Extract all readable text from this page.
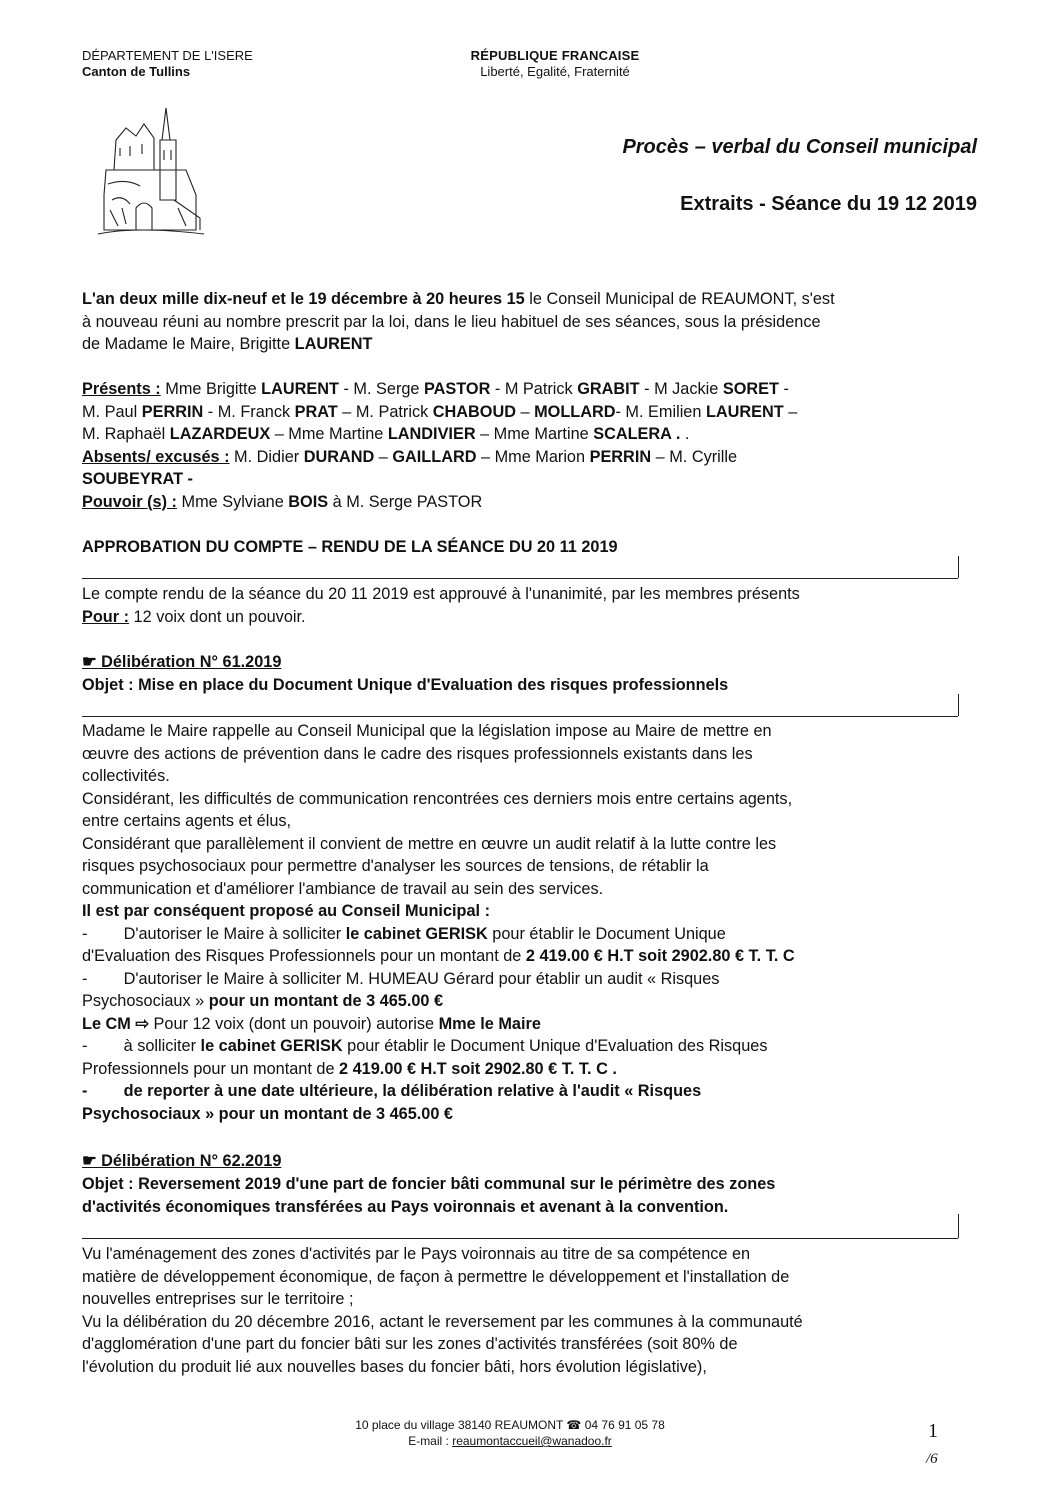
DÉPARTEMENT DE L'ISERE
Canton de Tullins
RÉPUBLIQUE FRANCAISE
Liberté, Egalité, Fraternité
Procès – verbal du Conseil municipal
Extraits - Séance du 19 12 2019
L'an deux mille dix-neuf et le 19 décembre à 20 heures 15 le Conseil Municipal de REAUMONT, s'est
à nouveau réuni au nombre prescrit par la loi, dans le lieu habituel de ses séances, sous la présidence
de Madame le Maire, Brigitte LAURENT
Présents : Mme Brigitte LAURENT - M. Serge PASTOR - M Patrick GRABIT - M Jackie SORET -
M. Paul PERRIN - M. Franck PRAT – M. Patrick CHABOUD – MOLLARD- M. Emilien LAURENT –
M. Raphaël LAZARDEUX – Mme Martine LANDIVIER – Mme Martine SCALERA . .
Absents/ excusés : M. Didier DURAND – GAILLARD – Mme Marion PERRIN – M. Cyrille
SOUBEYRAT -
Pouvoir (s) : Mme Sylviane BOIS à M. Serge PASTOR
APPROBATION DU COMPTE – RENDU DE LA SÉANCE DU 20 11 2019
Le compte rendu de la séance du 20 11 2019 est approuvé à l'unanimité, par les membres présents
Pour : 12 voix dont un pouvoir.
☛ Délibération N° 61.2019
Objet : Mise en place du Document Unique d'Evaluation des risques professionnels
Madame le Maire rappelle au Conseil Municipal que la législation impose au Maire de mettre en
œuvre des actions de prévention dans le cadre des risques professionnels existants dans les
collectivités.
Considérant, les difficultés de communication rencontrées ces derniers mois entre certains agents,
entre certains agents et élus,
Considérant que parallèlement il convient de mettre en œuvre un audit relatif à la lutte contre les
risques psychosociaux pour permettre d'analyser les sources de tensions, de rétablir la
communication et d'améliorer l'ambiance de travail au sein des services.
Il est par conséquent proposé au Conseil Municipal :
-        D'autoriser le Maire à solliciter le cabinet GERISK pour établir le Document Unique
d'Evaluation des Risques Professionnels pour un montant de 2 419.00 € H.T soit 2902.80 € T. T. C
-        D'autoriser le Maire à solliciter M. HUMEAU Gérard pour établir un audit « Risques
Psychosociaux » pour un montant de 3 465.00 €
Le CM ⇨ Pour 12 voix (dont un pouvoir) autorise Mme le Maire
-        à solliciter le cabinet GERISK pour établir le Document Unique d'Evaluation des Risques
Professionnels pour un montant de 2 419.00 € H.T soit 2902.80 € T. T. C .
-        de reporter à une date ultérieure, la délibération relative à l'audit « Risques
Psychosociaux » pour un montant de 3 465.00 €
☛ Délibération N° 62.2019
Objet : Reversement 2019 d'une part de foncier bâti communal sur le périmètre des zones
d'activités économiques transférées au Pays voironnais et avenant à la convention.
Vu l'aménagement des zones d'activités par le Pays voironnais au titre de sa compétence en
matière de développement économique, de façon à permettre le développement et l'installation de
nouvelles entreprises sur le territoire ;
Vu la délibération du 20 décembre 2016, actant le reversement par les communes à la communauté
d'agglomération d'une part du foncier bâti sur les zones d'activités transférées (soit 80% de
l'évolution du produit lié aux nouvelles bases du foncier bâti, hors évolution législative),
10 place du village 38140 REAUMONT ☎ 04 76 91 05 78
E-mail : reaumontaccueil@wanadoo.fr	1
/6
